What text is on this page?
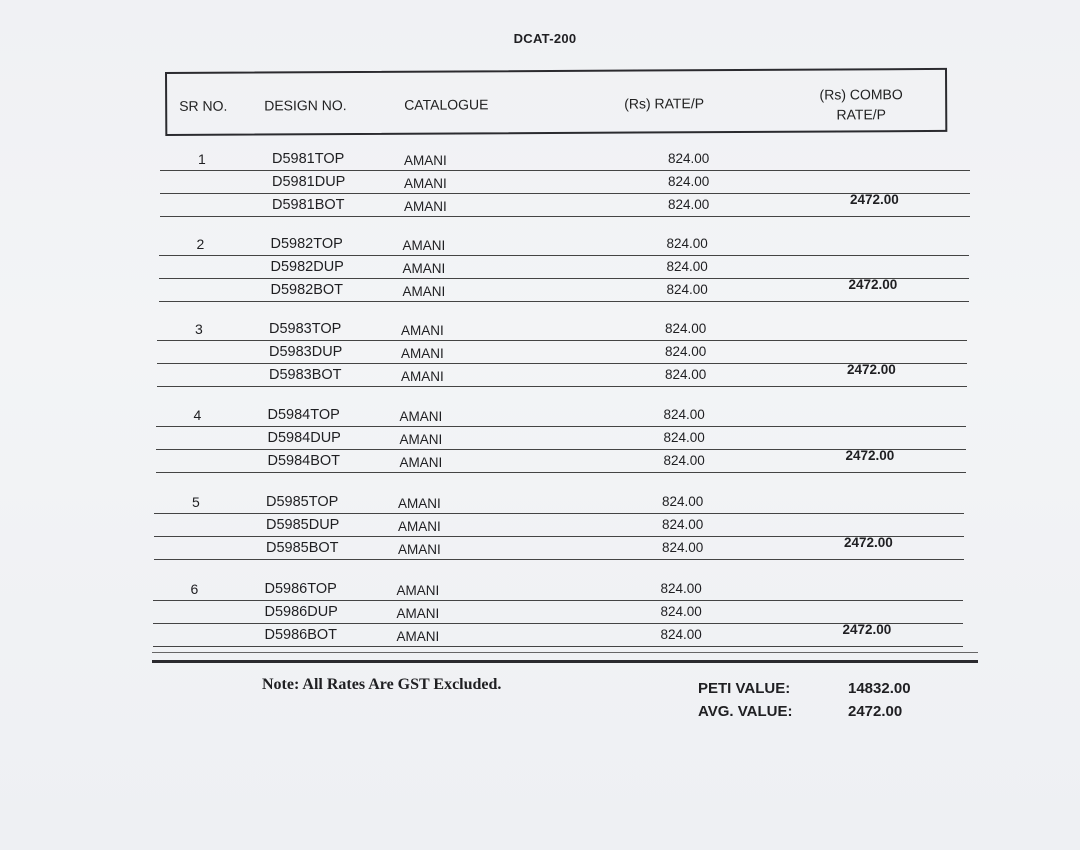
DCAT-200
SR NO.	DESIGN NO.	CATALOGUE	(Rs) RATE/P
(Rs) COMBO
RATE/P
1	D5981TOP	AMANI	824.00
D5981DUP	AMANI	824.00
D5981BOT	AMANI	824.00	2472.00
2	D5982TOP	AMANI	824.00
D5982DUP	AMANI	824.00
D5982BOT	AMANI	824.00	2472.00
3	D5983TOP	AMANI	824.00
D5983DUP	AMANI	824.00
D5983BOT	AMANI	824.00	2472.00
4	D5984TOP	AMANI	824.00
D5984DUP	AMANI	824.00
D5984BOT	AMANI	824.00	2472.00
5	D5985TOP	AMANI	824.00
D5985DUP	AMANI	824.00
D5985BOT	AMANI	824.00	2472.00
6	D5986TOP	AMANI	824.00
D5986DUP	AMANI	824.00
D5986BOT	AMANI	824.00	2472.00
Note: All Rates Are GST Excluded.	PETI VALUE:	14832.00
AVG. VALUE:	2472.00
